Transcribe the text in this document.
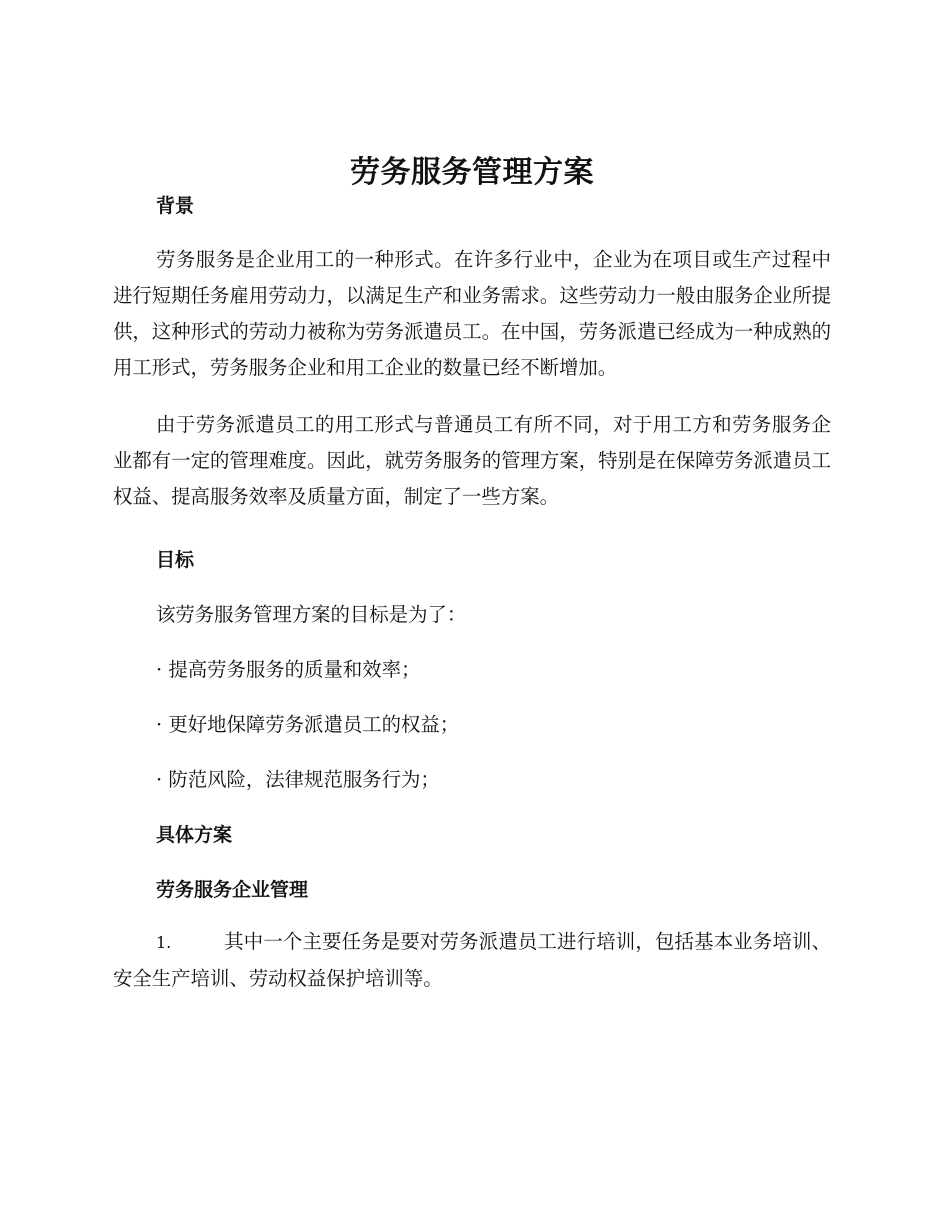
劳务服务管理方案
背景

劳务服务是企业用工的一种形式。在许多行业中，企业为在项目或生产过程中进行短期任务雇用劳动力，以满足生产和业务需求。这些劳动力一般由服务企业所提供，这种形式的劳动力被称为劳务派遣员工。在中国，劳务派遣已经成为一种成熟的用工形式，劳务服务企业和用工企业的数量已经不断增加。

由于劳务派遣员工的用工形式与普通员工有所不同，对于用工方和劳务服务企业都有一定的管理难度。因此，就劳务服务的管理方案，特别是在保障劳务派遣员工权益、提高服务效率及质量方面，制定了一些方案。

目标
该劳务服务管理方案的目标是为了：
· 提高劳务服务的质量和效率；
· 更好地保障劳务派遣员工的权益；
· 防范风险，法律规范服务行为；
具体方案
劳务服务企业管理

1.	其中一个主要任务是要对劳务派遣员工进行培训，包括基本业务培训、安全生产培训、劳动权益保护培训等。
